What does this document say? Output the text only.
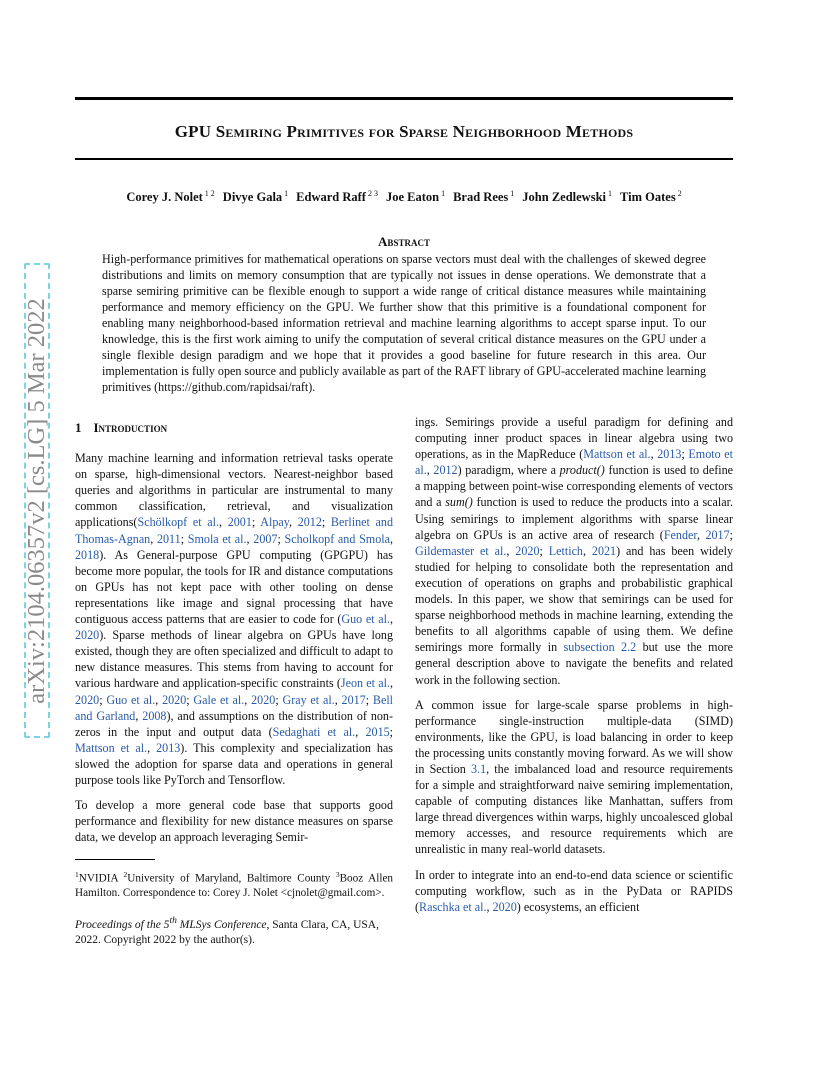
arXiv:2104.06357v2 [cs.LG] 5 Mar 2022
GPU Semiring Primitives for Sparse Neighborhood Methods
Corey J. Nolet $^{1 2}$ Divye Gala $^1$ Edward Raff $^{2 3}$ Joe Eaton $^1$ Brad Rees $^1$ John Zedlewski $^1$ Tim Oates $^2$
Abstract
High-performance primitives for mathematical operations on sparse vectors must deal with the challenges of skewed degree distributions and limits on memory consumption that are typically not issues in dense operations. We demonstrate that a sparse semiring primitive can be flexible enough to support a wide range of critical distance measures while maintaining performance and memory efficiency on the GPU. We further show that this primitive is a foundational component for enabling many neighborhood-based information retrieval and machine learning algorithms to accept sparse input. To our knowledge, this is the first work aiming to unify the computation of several critical distance measures on the GPU under a single flexible design paradigm and we hope that it provides a good baseline for future research in this area. Our implementation is fully open source and publicly available as part of the RAFT library of GPU-accelerated machine learning primitives (https://github.com/rapidsai/raft).
1 Introduction

Many machine learning and information retrieval tasks operate on sparse, high-dimensional vectors. Nearest-neighbor based queries and algorithms in particular are instrumental to many common classification, retrieval, and visualization applications(Schölkopf et al., 2001; Alpay, 2012; Berlinet and Thomas-Agnan, 2011; Smola et al., 2007; Scholkopf and Smola, 2018). As General-purpose GPU computing (GPGPU) has become more popular, the tools for IR and distance computations on GPUs has not kept pace with other tooling on dense representations like image and signal processing that have contiguous access patterns that are easier to code for (Guo et al., 2020). Sparse methods of linear algebra on GPUs have long existed, though they are often specialized and difficult to adapt to new distance measures. This stems from having to account for various hardware and application-specific constraints (Jeon et al., 2020; Guo et al., 2020; Gale et al., 2020; Gray et al., 2017; Bell and Garland, 2008), and assumptions on the distribution of non-zeros in the input and output data (Sedaghati et al., 2015; Mattson et al., 2013). This complexity and specialization has slowed the adoption for sparse data and operations in general purpose tools like PyTorch and Tensorflow.

To develop a more general code base that supports good performance and flexibility for new distance measures on sparse data, we develop an approach leveraging Semir-

$^1$NVIDIA $^2$University of Maryland, Baltimore County $^3$Booz Allen Hamilton. Correspondence to: Corey J. Nolet <cjnolet@gmail.com>.
Proceedings of the 5th MLSys Conference, Santa Clara, CA, USA, 2022. Copyright 2022 by the author(s).

ings. Semirings provide a useful paradigm for defining and computing inner product spaces in linear algebra using two operations, as in the MapReduce (Mattson et al., 2013; Emoto et al., 2012) paradigm, where a product() function is used to define a mapping between point-wise corresponding elements of vectors and a sum() function is used to reduce the products into a scalar. Using semirings to implement algorithms with sparse linear algebra on GPUs is an active area of research (Fender, 2017; Gildemaster et al., 2020; Lettich, 2021) and has been widely studied for helping to consolidate both the representation and execution of operations on graphs and probabilistic graphical models. In this paper, we show that semirings can be used for sparse neighborhood methods in machine learning, extending the benefits to all algorithms capable of using them. We define semirings more formally in subsection 2.2 but use the more general description above to navigate the benefits and related work in the following section.

A common issue for large-scale sparse problems in high-performance single-instruction multiple-data (SIMD) environments, like the GPU, is load balancing in order to keep the processing units constantly moving forward. As we will show in Section 3.1, the imbalanced load and resource requirements for a simple and straightforward naive semiring implementation, capable of computing distances like Manhattan, suffers from large thread divergences within warps, highly uncoalesced global memory accesses, and resource requirements which are unrealistic in many real-world datasets.

In order to integrate into an end-to-end data science or scientific computing workflow, such as in the PyData or RAPIDS (Raschka et al., 2020) ecosystems, an efficient
